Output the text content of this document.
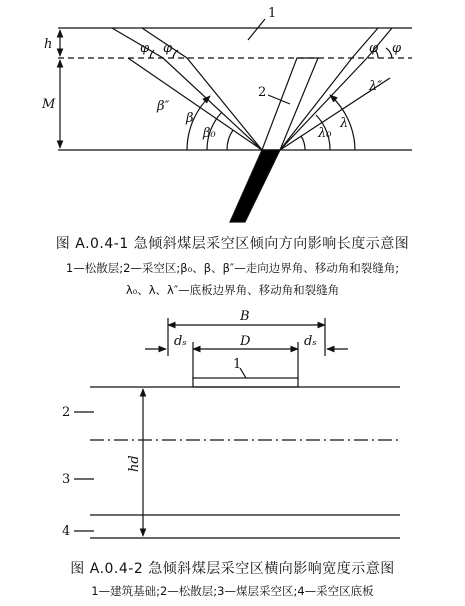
1
2
h
M
φ φ	φ φ
β″
β
β₀	λ₀
λ
λ″
B
dₛ	D	dₛ
1
2
3
4
hd
图 A.0.4-1 急倾斜煤层采空区倾向方向影响长度示意图
1—松散层;2—采空区;β₀、β、β″—走向边界角、移动角和裂缝角;
λ₀、λ、λ″—底板边界角、移动角和裂缝角
图 A.0.4-2 急倾斜煤层采空区横向影响宽度示意图
1—建筑基础;2—松散层;3—煤层采空区;4—采空区底板
